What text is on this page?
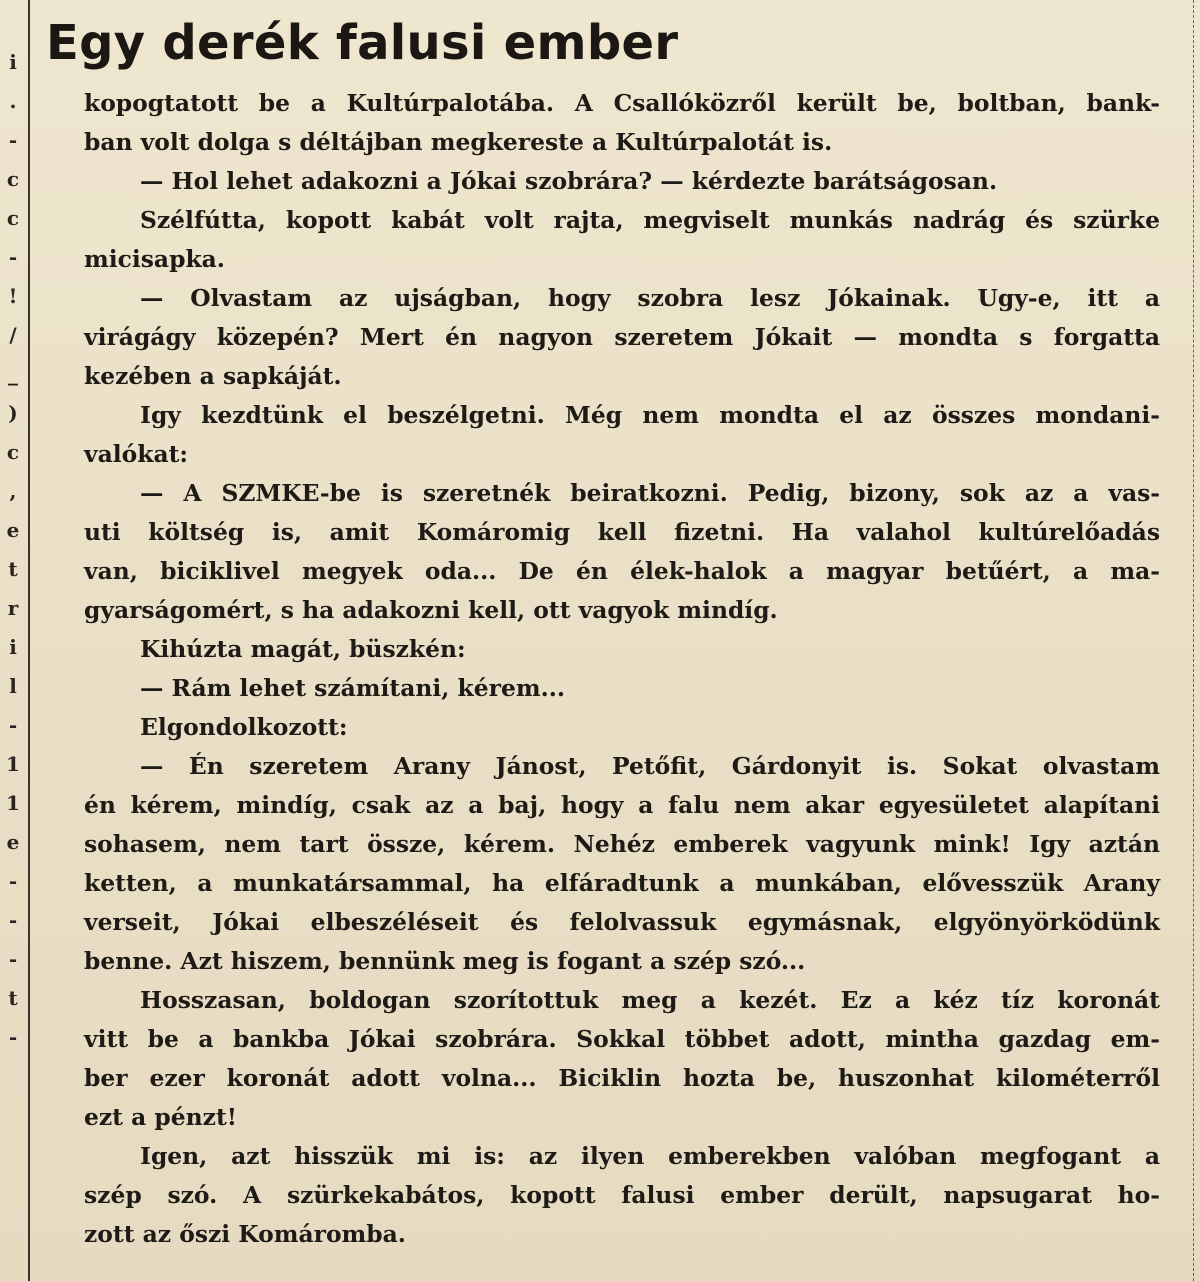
i
.
-
c
c
-
!
/
_
)
c
,
e
t
r
i
l
-
1
1
e
-
-
-
t
-
Egy derék falusi ember
kopogtatott be a Kultúrpalotába. A Csallóközről került be, boltban, bank-
ban volt dolga s déltájban megkereste a Kultúrpalotát is.
— Hol lehet adakozni a Jókai szobrára? — kérdezte barátságosan.
Szélfútta, kopott kabát volt rajta, megviselt munkás nadrág és szürke
micisapka.
— Olvastam az ujságban, hogy szobra lesz Jókainak. Ugy-e, itt a
virágágy közepén? Mert én nagyon szeretem Jókait — mondta s forgatta
kezében a sapkáját.
Igy kezdtünk el beszélgetni. Még nem mondta el az összes mondani-
valókat:
— A SZMKE-be is szeretnék beiratkozni. Pedig, bizony, sok az a vas-
uti költség is, amit Komáromig kell fizetni. Ha valahol kultúrelőadás
van, biciklivel megyek oda... De én élek-halok a magyar betűért, a ma-
gyarságomért, s ha adakozni kell, ott vagyok mindíg.
Kihúzta magát, büszkén:
— Rám lehet számítani, kérem...
Elgondolkozott:
— Én szeretem Arany Jánost, Petőfit, Gárdonyit is. Sokat olvastam
én kérem, mindíg, csak az a baj, hogy a falu nem akar egyesületet alapítani
sohasem, nem tart össze, kérem. Nehéz emberek vagyunk mink! Igy aztán
ketten, a munkatársammal, ha elfáradtunk a munkában, elővesszük Arany
verseit, Jókai elbeszéléseit és felolvassuk egymásnak, elgyönyörködünk
benne. Azt hiszem, bennünk meg is fogant a szép szó...
Hosszasan, boldogan szorítottuk meg a kezét. Ez a kéz tíz koronát
vitt be a bankba Jókai szobrára. Sokkal többet adott, mintha gazdag em-
ber ezer koronát adott volna... Biciklin hozta be, huszonhat kilométerről
ezt a pénzt!
Igen, azt hisszük mi is: az ilyen emberekben valóban megfogant a
szép szó. A szürkekabátos, kopott falusi ember derült, napsugarat ho-
zott az őszi Komáromba.
